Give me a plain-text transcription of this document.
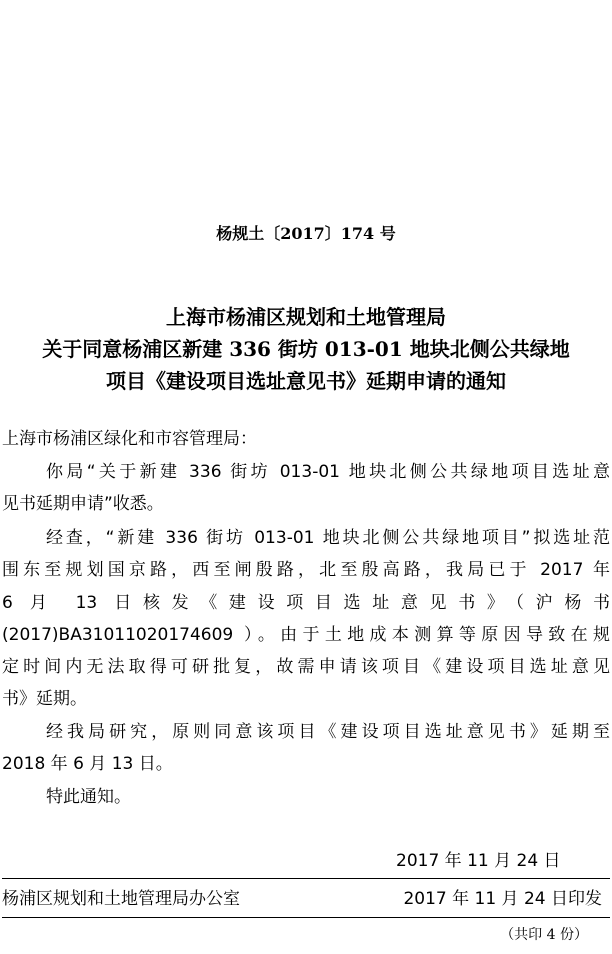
杨规土〔2017〕174 号
上海市杨浦区规划和土地管理局
关于同意杨浦区新建 336 街坊 013-01 地块北侧公共绿地
项目《建设项目选址意见书》延期申请的通知
上海市杨浦区绿化和市容管理局：
你局“关于新建 336 街坊 013-01 地块北侧公共绿地项目选址意
见书延期申请”收悉。
经查，“新建 336 街坊 013-01 地块北侧公共绿地项目”拟选址范
围东至规划国京路，西至闸殷路，北至殷高路，我局已于 2017 年
6 月 13 日核发《建设项目选址意见书》（沪杨书
(2017)BA31011020174609 ）。由于土地成本测算等原因导致在规
定时间内无法取得可研批复，故需申请该项目《建设项目选址意见
书》延期。
经我局研究，原则同意该项目《建设项目选址意见书》延期至
2018 年 6 月 13 日。
特此通知。
2017 年 11 月 24 日
杨浦区规划和土地管理局办公室	2017 年 11 月 24 日印发
（共印 4 份）
